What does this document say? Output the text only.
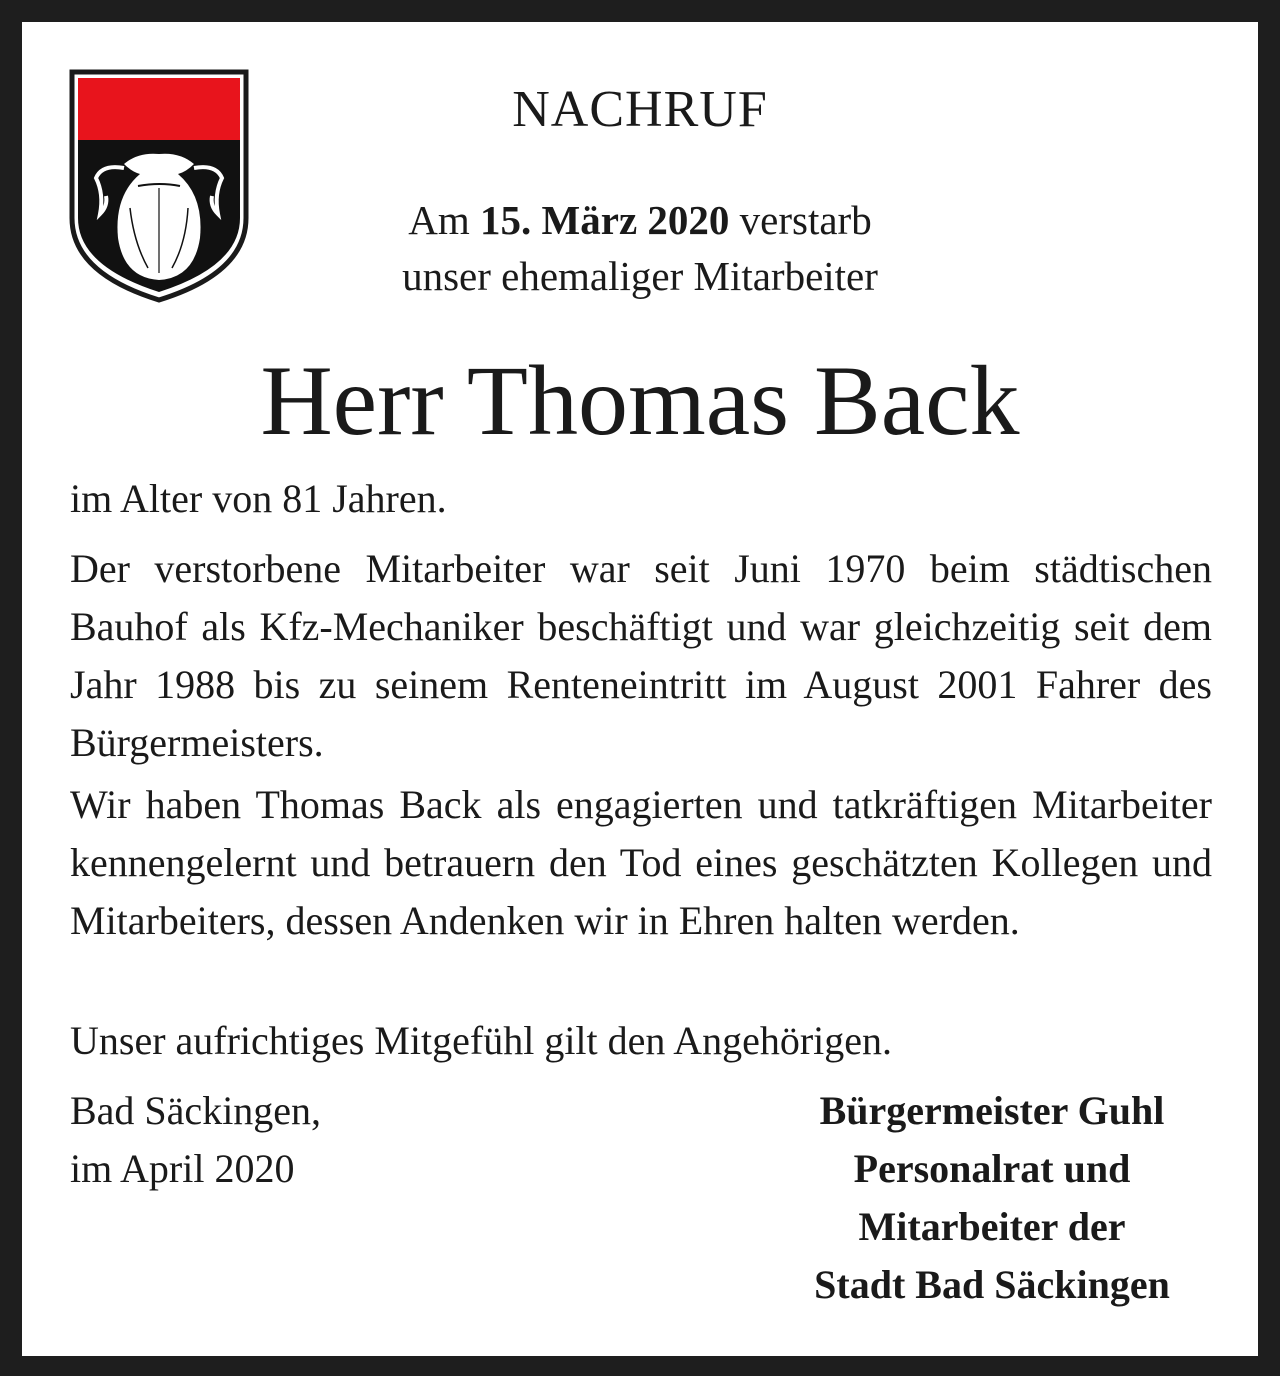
NACHRUF
Am 15. März 2020 verstarb
unser ehemaliger Mitarbeiter
Herr Thomas Back
im Alter von 81 Jahren.
Der verstorbene Mitarbeiter war seit Juni 1970 beim städtischen Bauhof als Kfz-Mechaniker beschäftigt und war gleichzeitig seit dem Jahr 1988 bis zu seinem Renteneintritt im August 2001 Fahrer des Bürgermeisters.
Wir haben Thomas Back als engagierten und tatkräftigen Mitarbeiter kennengelernt und betrauern den Tod eines geschätzten Kollegen und Mitarbeiters, dessen Andenken wir in Ehren halten werden.
Unser aufrichtiges Mitgefühl gilt den Angehörigen.
Bad Säckingen,
im April 2020
Bürgermeister Guhl
Personalrat und
Mitarbeiter der
Stadt Bad Säckingen
